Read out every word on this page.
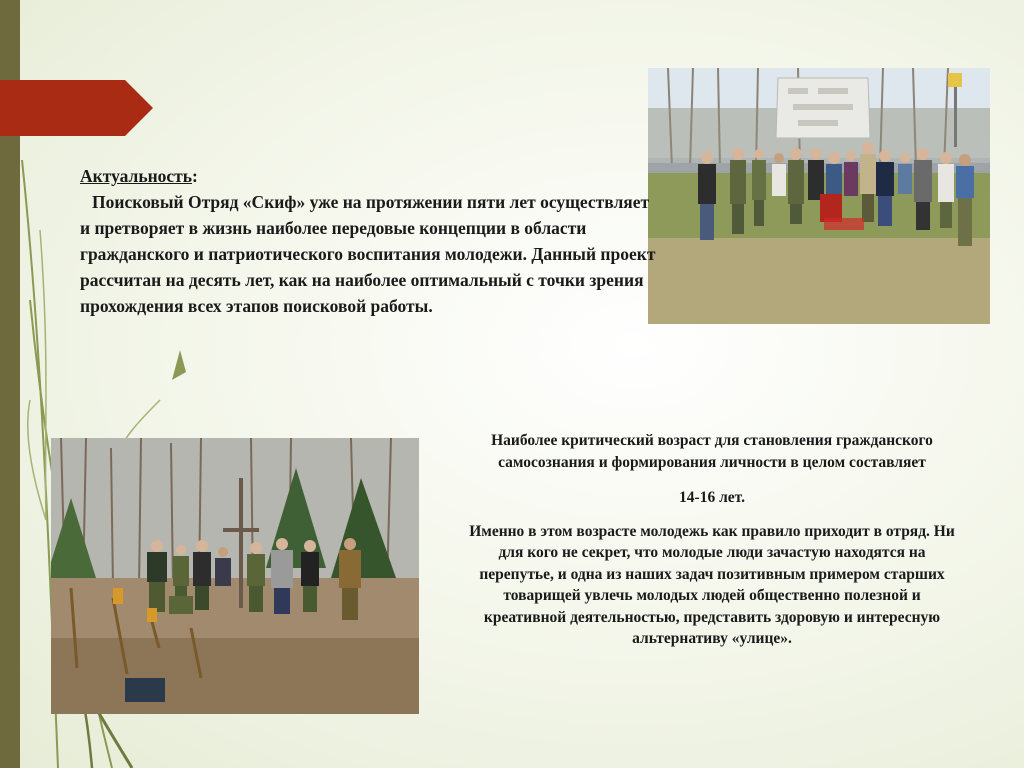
Актуальность:

Поисковый Отряд «Скиф» уже на протяжении пяти лет осуществляет и претворяет в жизнь наиболее передовые концепции в области гражданского и патриотического воспитания молодежи. Данный проект рассчитан на десять лет, как на наиболее оптимальный с точки зрения прохождения всех этапов поисковой работы.

Наиболее критический возраст для становления гражданского самосознания и формирования личности в целом составляет

14-16 лет.

Именно в этом возрасте молодежь как правило приходит в отряд. Ни для кого не секрет, что молодые люди зачастую находятся на перепутье, и одна из наших задач позитивным примером старших товарищей увлечь молодых людей общественно полезной и креативной деятельностью, представить здоровую и интересную альтернативу «улице».
